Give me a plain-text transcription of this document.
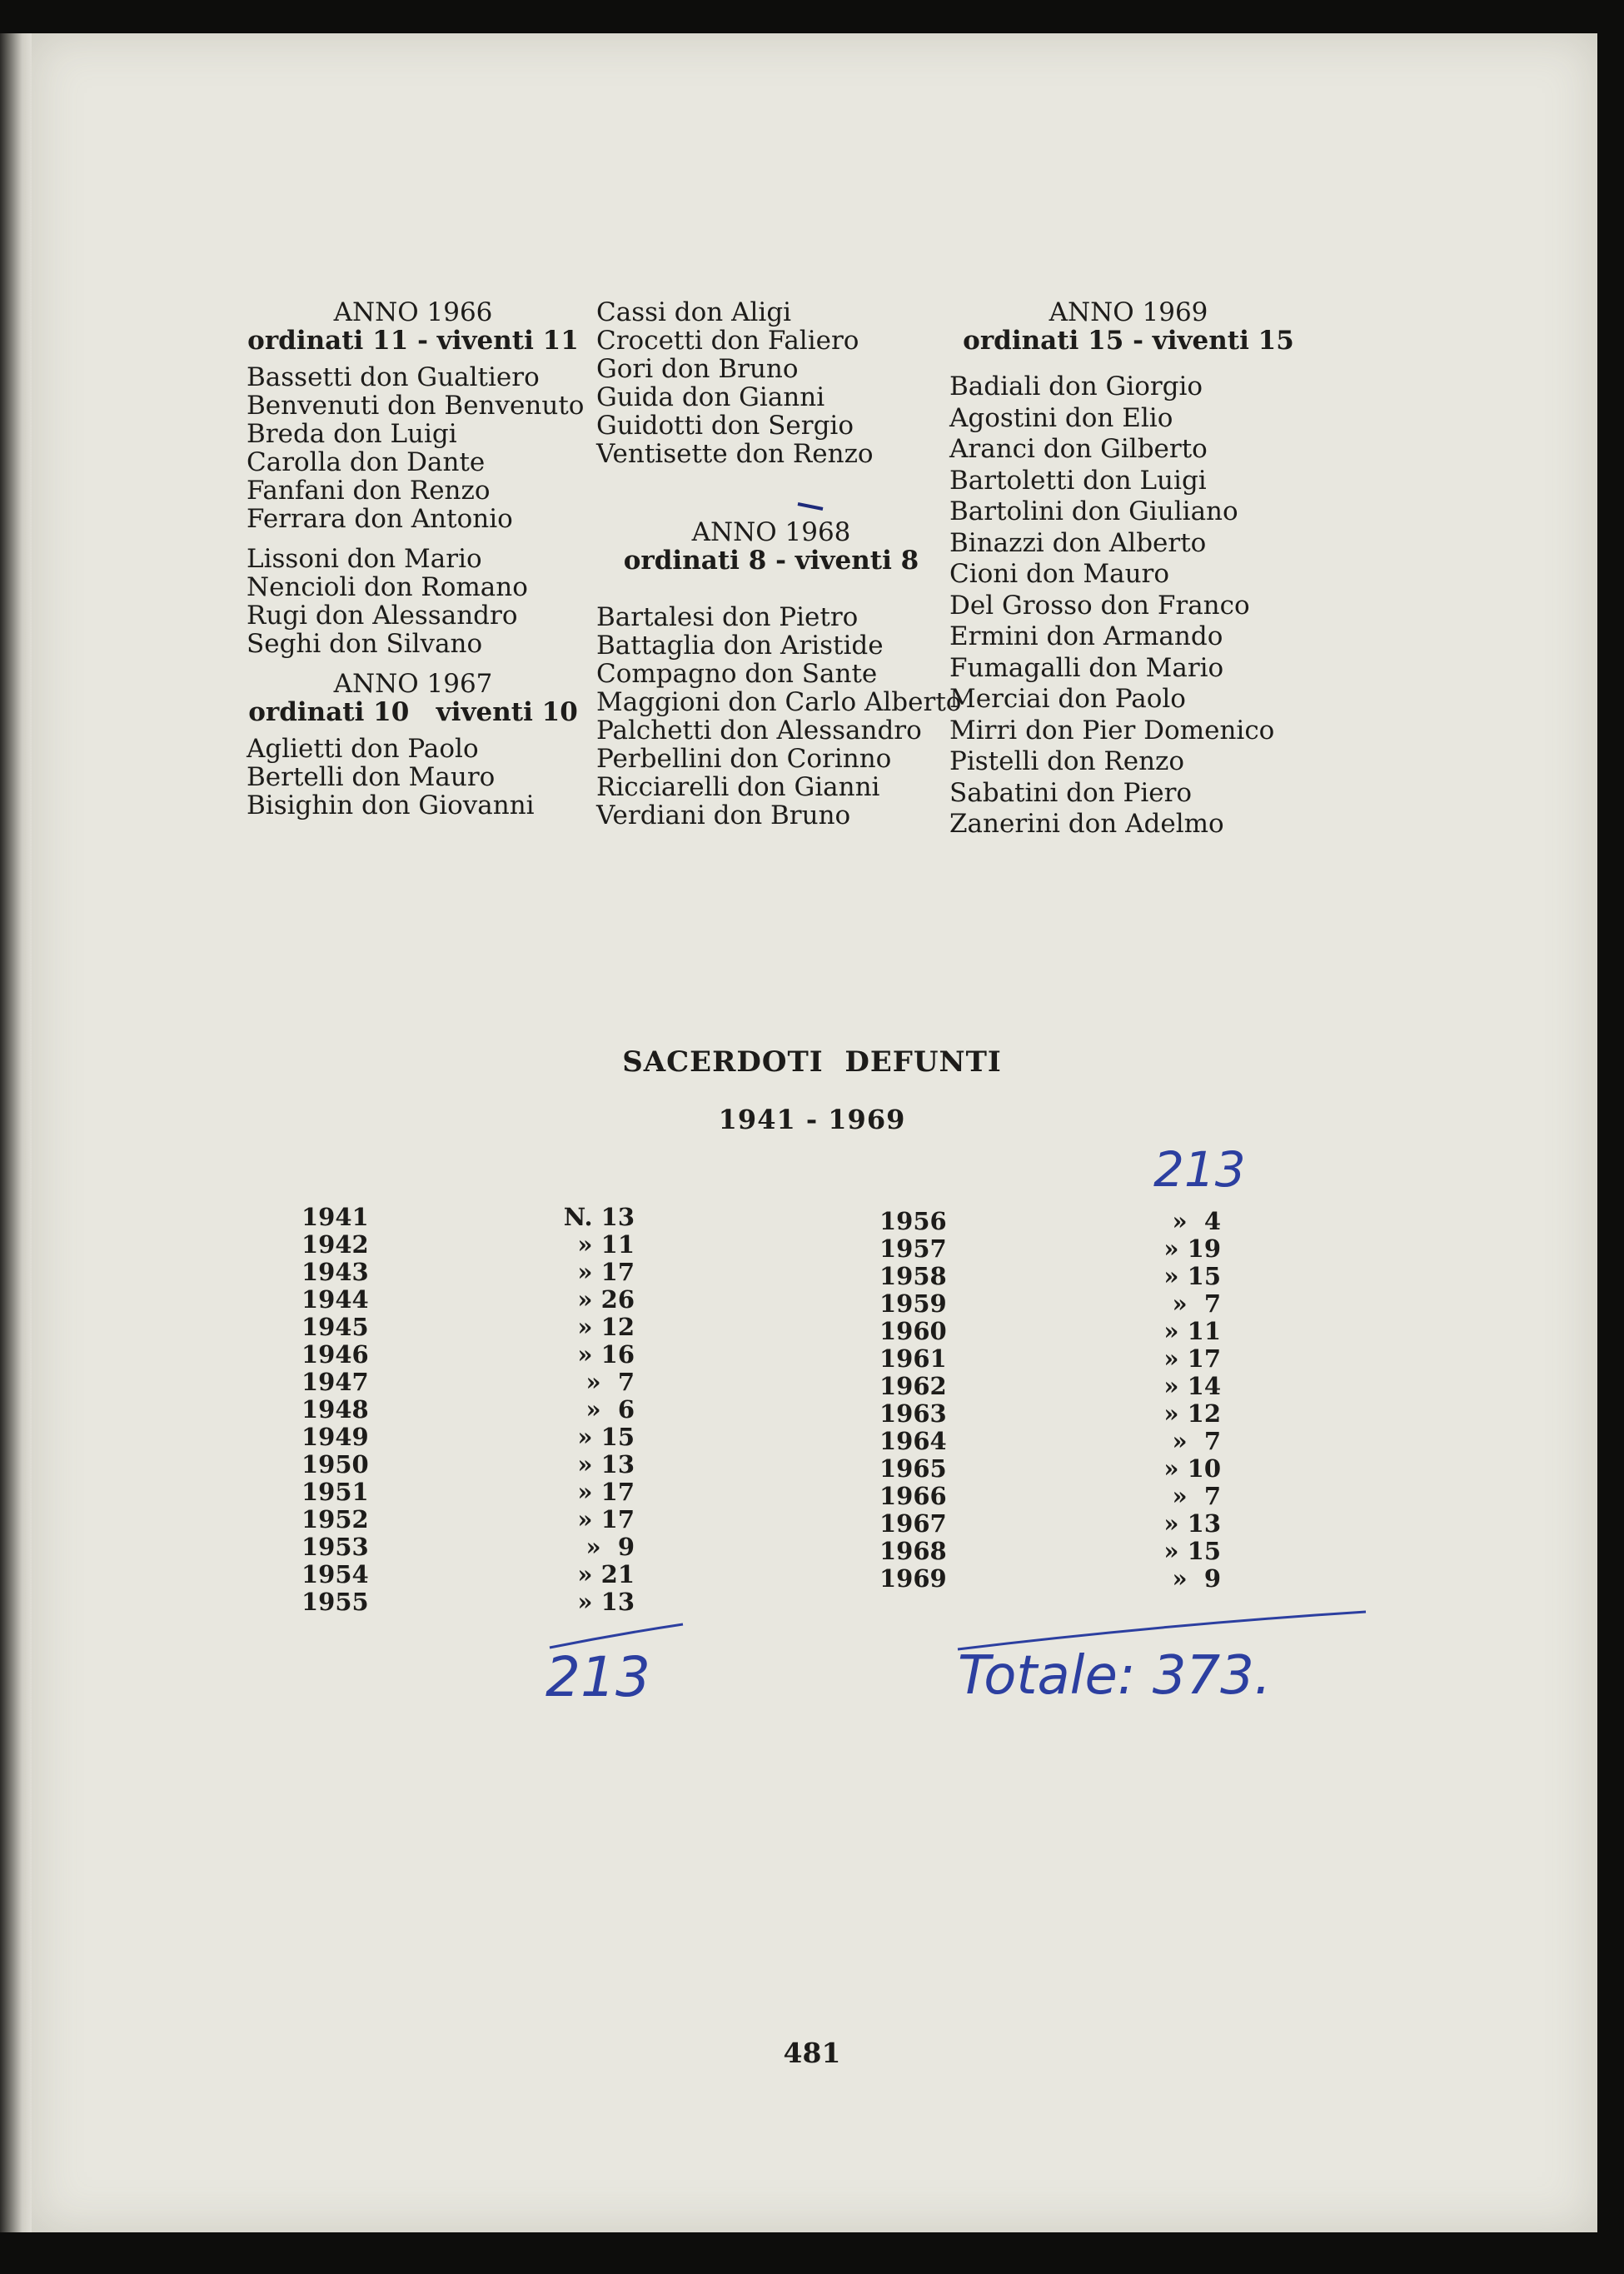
ANNO 1966
ordinati 11 - viventi 11
Bassetti don Gualtiero
Benvenuti don Benvenuto
Breda don Luigi
Carolla don Dante
Fanfani don Renzo
Ferrara don Antonio
Lissoni don Mario
Nencioli don Romano
Rugi don Alessandro
Seghi don Silvano
ANNO 1967
ordinati 10   viventi 10
Aglietti don Paolo
Bertelli don Mauro
Bisighin don Giovanni
Cassi don Aligi
Crocetti don Faliero
Gori don Bruno
Guida don Gianni
Guidotti don Sergio
Ventisette don Renzo
ANNO 1968
ordinati 8 - viventi 8
Bartalesi don Pietro
Battaglia don Aristide
Compagno don Sante
Maggioni don Carlo Alberto
Palchetti don Alessandro
Perbellini don Corinno
Ricciarelli don Gianni
Verdiani don Bruno
ANNO 1969
ordinati 15 - viventi 15
Badiali don Giorgio
Agostini don Elio
Aranci don Gilberto
Bartoletti don Luigi
Bartolini don Giuliano
Binazzi don Alberto
Cioni don Mauro
Del Grosso don Franco
Ermini don Armando
Fumagalli don Mario
Merciai don Paolo
Mirri don Pier Domenico
Pistelli don Renzo
Sabatini don Piero
Zanerini don Adelmo
SACERDOTI  DEFUNTI
1941 - 1969
1941	N. 13
1942	» 11
1943	» 17
1944	» 26
1945	» 12
1946	» 16
1947	»  7
1948	»  6
1949	» 15
1950	» 13
1951	» 17
1952	» 17
1953	»  9
1954	» 21
1955	» 13
1956	»  4
1957	» 19
1958	» 15
1959	»  7
1960	» 11
1961	» 17
1962	» 14
1963	» 12
1964	»  7
1965	» 10
1966	»  7
1967	» 13
1968	» 15
1969	»  9
213
213	Totale: 373.
481
